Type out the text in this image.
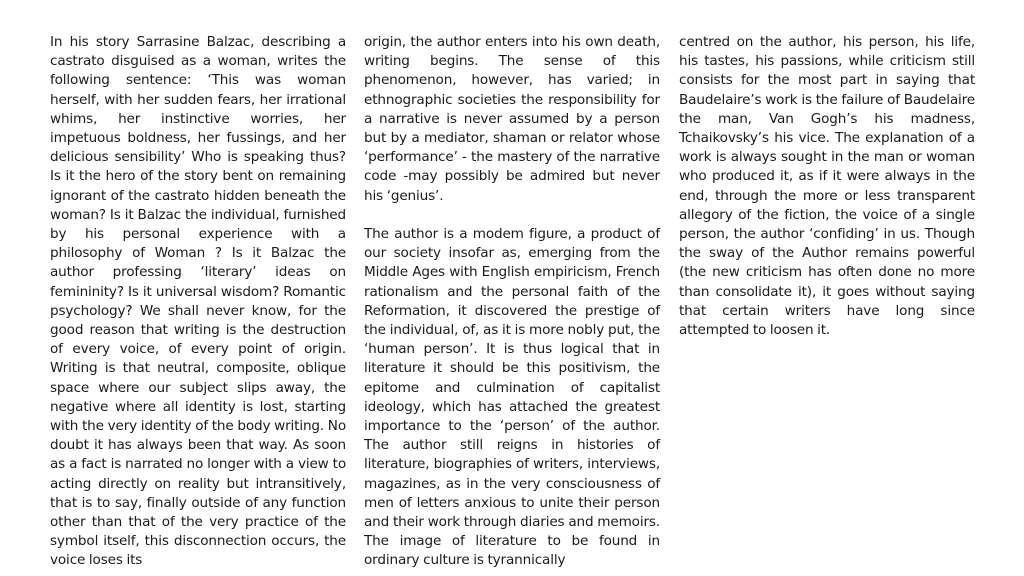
In his story Sarrasine Balzac, describing a castrato disguised as a woman, writes the following sentence: ‘This was woman herself, with her sudden fears, her irrational whims, her instinctive worries, her impetuous boldness, her fussings, and her delicious sensibility’ Who is speaking thus? Is it the hero of the story bent on remaining ignorant of the castrato hidden beneath the woman? Is it Balzac the individual, furnished by his personal experience with a philosophy of Woman ? Is it Balzac the author professing ‘literary’ ideas on femininity? Is it universal wisdom? Romantic psychology? We shall never know, for the good reason that writing is the destruction of every voice, of every point of origin. Writing is that neutral, composite, oblique space where our subject slips away, the negative where all identity is lost, starting with the very identity of the body writing. No doubt it has always been that way. As soon as a fact is narrated no longer with a view to acting directly on reality but intransitively, that is to say, finally outside of any function other than that of the very practice of the symbol itself, this disconnection occurs, the voice loses its

origin, the author enters into his own death, writing begins. The sense of this phenomenon, however, has varied; in ethnographic societies the responsibility for a narrative is never assumed by a person but by a mediator, shaman or relator whose ‘performance’ - the mastery of the narrative code -may possibly be admired but never his ‘genius’.

The author is a modem figure, a product of our society insofar as, emerging from the Middle Ages with English empiricism, French rationalism and the personal faith of the Reformation, it discovered the prestige of the individual, of, as it is more nobly put, the ‘human person’. It is thus logical that in literature it should be this positivism, the epitome and culmination of capitalist ideology, which has attached the greatest importance to the ‘person’ of the author. The author still reigns in histories of literature, biographies of writers, interviews, magazines, as in the very consciousness of men of letters anxious to unite their person and their work through diaries and memoirs. The image of literature to be found in ordinary culture is tyrannically

centred on the author, his person, his life, his tastes, his passions, while criticism still consists for the most part in saying that Baudelaire’s work is the failure of Baudelaire the man, Van Gogh’s his madness, Tchaikovsky’s his vice. The explanation of a work is always sought in the man or woman who produced it, as if it were always in the end, through the more or less transparent allegory of the fiction, the voice of a single person, the author ‘confiding’ in us. Though the sway of the Author remains powerful (the new criticism has often done no more than consolidate it), it goes without saying that certain writers have long since attempted to loosen it.
